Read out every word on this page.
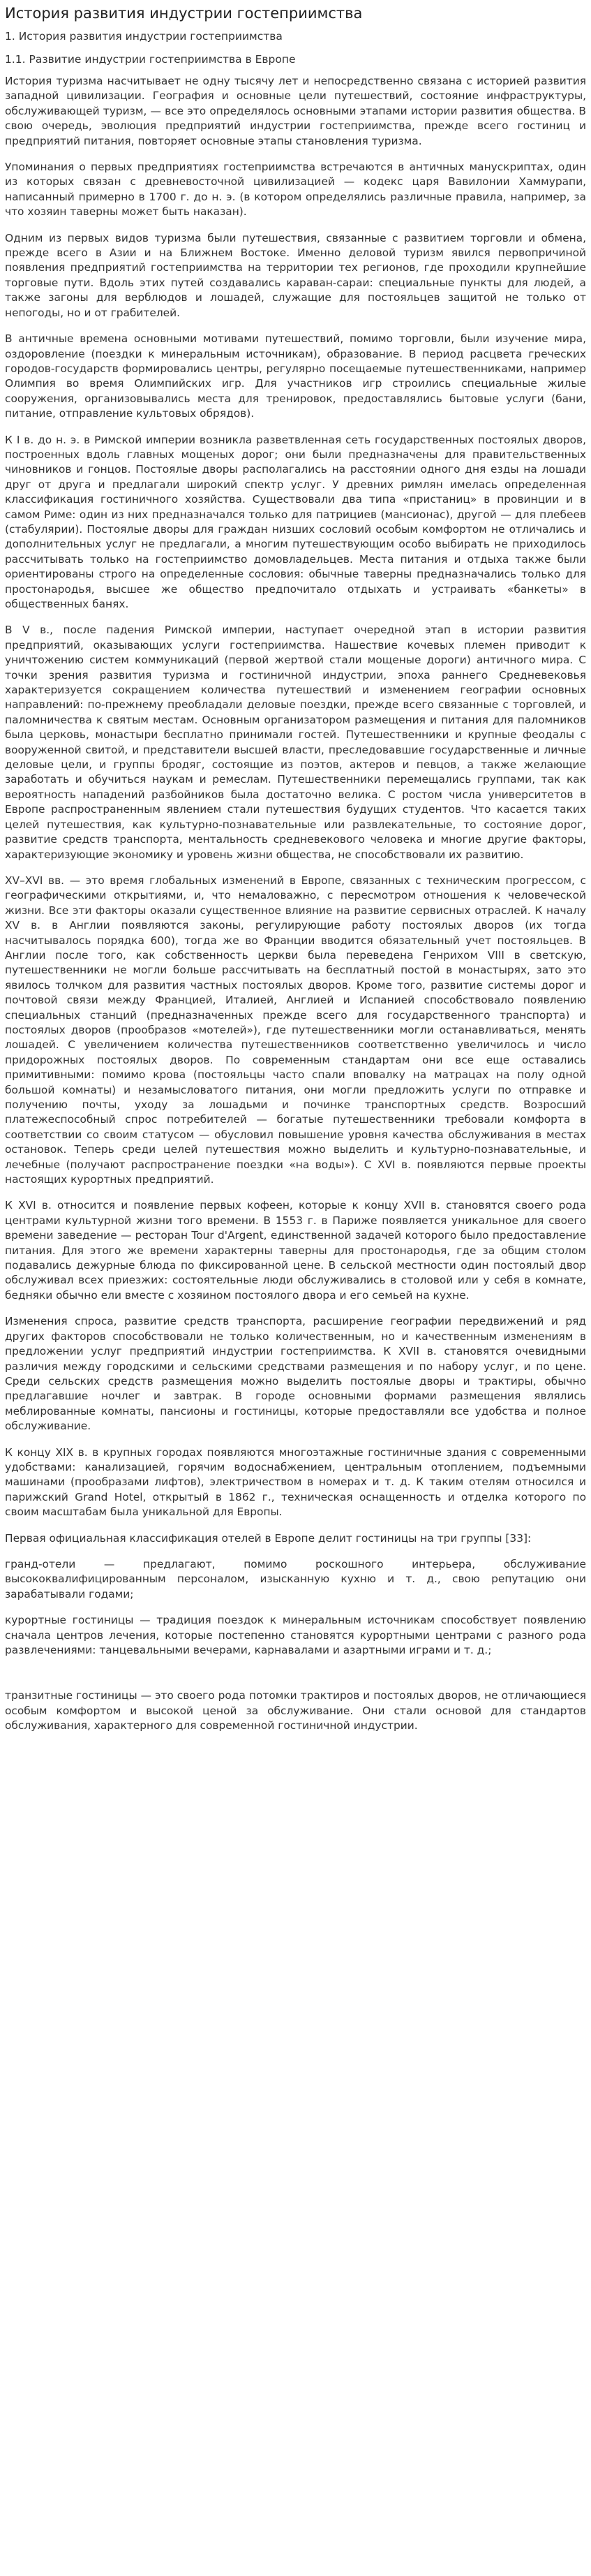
История развития индустрии гостеприимства
1. История развития индустрии гостеприимства
1.1. Развитие индустрии гостеприимства в Европе

История туризма насчитывает не одну тысячу лет и непосредственно связана с историей развития западной цивилизации. География и основные цели путешествий, состояние инфраструктуры, обслуживающей туризм, — все это определялось основными этапами истории развития общества. В свою очередь, эволюция предприятий индустрии гостеприимства, прежде всего гостиниц и предприятий питания, повторяет основные этапы становления туризма.

Упоминания о первых предприятиях гостеприимства встречаются в античных манускриптах, один из которых связан с древневосточной цивилизацией — кодекс царя Вавилонии Хаммурапи, написанный примерно в 1700 г. до н. э. (в котором определялись различные правила, например, за что хозяин таверны может быть наказан).

Одним из первых видов туризма были путешествия, связанные с развитием торговли и обмена, прежде всего в Азии и на Ближнем Востоке. Именно деловой туризм явился первопричиной появления предприятий гостеприимства на территории тех регионов, где проходили крупнейшие торговые пути. Вдоль этих путей создавались караван-сараи: специальные пункты для людей, а также загоны для верблюдов и лошадей, служащие для постояльцев защитой не только от непогоды, но и от грабителей.

В античные времена основными мотивами путешествий, помимо торговли, были изучение мира, оздоровление (поездки к минеральным источникам), образование. В период расцвета греческих городов-государств формировались центры, регулярно посещаемые путешественниками, например Олимпия во время Олимпийских игр. Для участников игр строились специальные жилые сооружения, организовывались места для тренировок, предоставлялись бытовые услуги (бани, питание, отправление культовых обрядов).

К I в. до н. э. в Римской империи возникла разветвленная сеть государственных постоялых дворов, построенных вдоль главных мощеных дорог; они были предназначены для правительственных чиновников и гонцов. Постоялые дворы располагались на расстоянии одного дня езды на лошади друг от друга и предлагали широкий спектр услуг. У древних римлян имелась определенная классификация гостиничного хозяйства. Существовали два типа «пристаниц» в провинции и в самом Риме: один из них предназначался только для патрициев (мансионас), другой — для плебеев (стабулярии). Постоялые дворы для граждан низших сословий особым комфортом не отличались и дополнительных услуг не предлагали, а многим путешествующим особо выбирать не приходилось рассчитывать только на гостеприимство домовладельцев. Места питания и отдыха также были ориентированы строго на определенные сословия: обычные таверны предназначались только для простонародья, высшее же общество предпочитало отдыхать и устраивать «банкеты» в общественных банях.

В V в., после падения Римской империи, наступает очередной этап в истории развития предприятий, оказывающих услуги гостеприимства. Нашествие кочевых племен приводит к уничтожению систем коммуникаций (первой жертвой стали мощеные дороги) античного мира. С точки зрения развития туризма и гостиничной индустрии, эпоха раннего Средневековья характеризуется сокращением количества путешествий и изменением географии основных направлений: по-прежнему преобладали деловые поездки, прежде всего связанные с торговлей, и паломничества к святым местам. Основным организатором размещения и питания для паломников была церковь, монастыри бесплатно принимали гостей. Путешественники и крупные феодалы с вооруженной свитой, и представители высшей власти, преследовавшие государственные и личные деловые цели, и группы бродяг, состоящие из поэтов, актеров и певцов, а также желающие заработать и обучиться наукам и ремеслам. Путешественники перемещались группами, так как вероятность нападений разбойников была достаточно велика. С ростом числа университетов в Европе распространенным явлением стали путешествия будущих студентов. Что касается таких целей путешествия, как культурно-познавательные или развлекательные, то состояние дорог, развитие средств транспорта, ментальность средневекового человека и многие другие факторы, характеризующие экономику и уровень жизни общества, не способствовали их развитию.

XV–XVI вв. — это время глобальных изменений в Европе, связанных с техническим прогрессом, с географическими открытиями, и, что немаловажно, с пересмотром отношения к человеческой жизни. Все эти факторы оказали существенное влияние на развитие сервисных отраслей. К началу XV в. в Англии появляются законы, регулирующие работу постоялых дворов (их тогда насчитывалось порядка 600), тогда же во Франции вводится обязательный учет постояльцев. В Англии после того, как собственность церкви была переведена Генрихом VIII в светскую, путешественники не могли больше рассчитывать на бесплатный постой в монастырях, зато это явилось толчком для развития частных постоялых дворов. Кроме того, развитие системы дорог и почтовой связи между Францией, Италией, Англией и Испанией способствовало появлению специальных станций (предназначенных прежде всего для государственного транспорта) и постоялых дворов (прообразов «мотелей»), где путешественники могли останавливаться, менять лошадей. С увеличением количества путешественников соответственно увеличилось и число придорожных постоялых дворов. По современным стандартам они все еще оставались примитивными: помимо крова (постояльцы часто спали вповалку на матрацах на полу одной большой комнаты) и незамысловатого питания, они могли предложить услуги по отправке и получению почты, уходу за лошадьми и починке транспортных средств. Возросший платежеспособный спрос потребителей — богатые путешественники требовали комфорта в соответствии со своим статусом — обусловил повышение уровня качества обслуживания в местах остановок. Теперь среди целей путешествия можно выделить и культурно-познавательные, и лечебные (получают распространение поездки «на воды»). С XVI в. появляются первые проекты настоящих курортных предприятий.

К XVI в. относится и появление первых кофеен, которые к концу XVII в. становятся своего рода центрами культурной жизни того времени. В 1553 г. в Париже появляется уникальное для своего времени заведение — ресторан Tour d'Argent, единственной задачей которого было предоставление питания. Для этого же времени характерны таверны для простонародья, где за общим столом подавались дежурные блюда по фиксированной цене. В сельской местности один постоялый двор обслуживал всех приезжих: состоятельные люди обслуживались в столовой или у себя в комнате, бедняки обычно ели вместе с хозяином постоялого двора и его семьей на кухне.

Изменения спроса, развитие средств транспорта, расширение географии передвижений и ряд других факторов способствовали не только количественным, но и качественным изменениям в предложении услуг предприятий индустрии гостеприимства. К XVII в. становятся очевидными различия между городскими и сельскими средствами размещения и по набору услуг, и по цене. Среди сельских средств размещения можно выделить постоялые дворы и трактиры, обычно предлагавшие ночлег и завтрак. В городе основными формами размещения являлись меблированные комнаты, пансионы и гостиницы, которые предоставляли все удобства и полное обслуживание.

К концу XIX в. в крупных городах появляются многоэтажные гостиничные здания с современными удобствами: канализацией, горячим водоснабжением, центральным отоплением, подъемными машинами (прообразами лифтов), электричеством в номерах и т. д. К таким отелям относился и парижский Grand Hotel, открытый в 1862 г., техническая оснащенность и отделка которого по своим масштабам была уникальной для Европы.

Первая официальная классификация отелей в Европе делит гостиницы на три группы [33]:

гранд-отели — предлагают, помимо роскошного интерьера, обслуживание высококвалифицированным персоналом, изысканную кухню и т. д., свою репутацию они зарабатывали годами;

курортные гостиницы — традиция поездок к минеральным источникам способствует появлению сначала центров лечения, которые постепенно становятся курортными центрами с разного рода развлечениями: танцевальными вечерами, карнавалами и азартными играми и т. д.;

транзитные гостиницы — это своего рода потомки трактиров и постоялых дворов, не отличающиеся особым комфортом и высокой ценой за обслуживание. Они стали основой для стандартов обслуживания, характерного для современной гостиничной индустрии.
